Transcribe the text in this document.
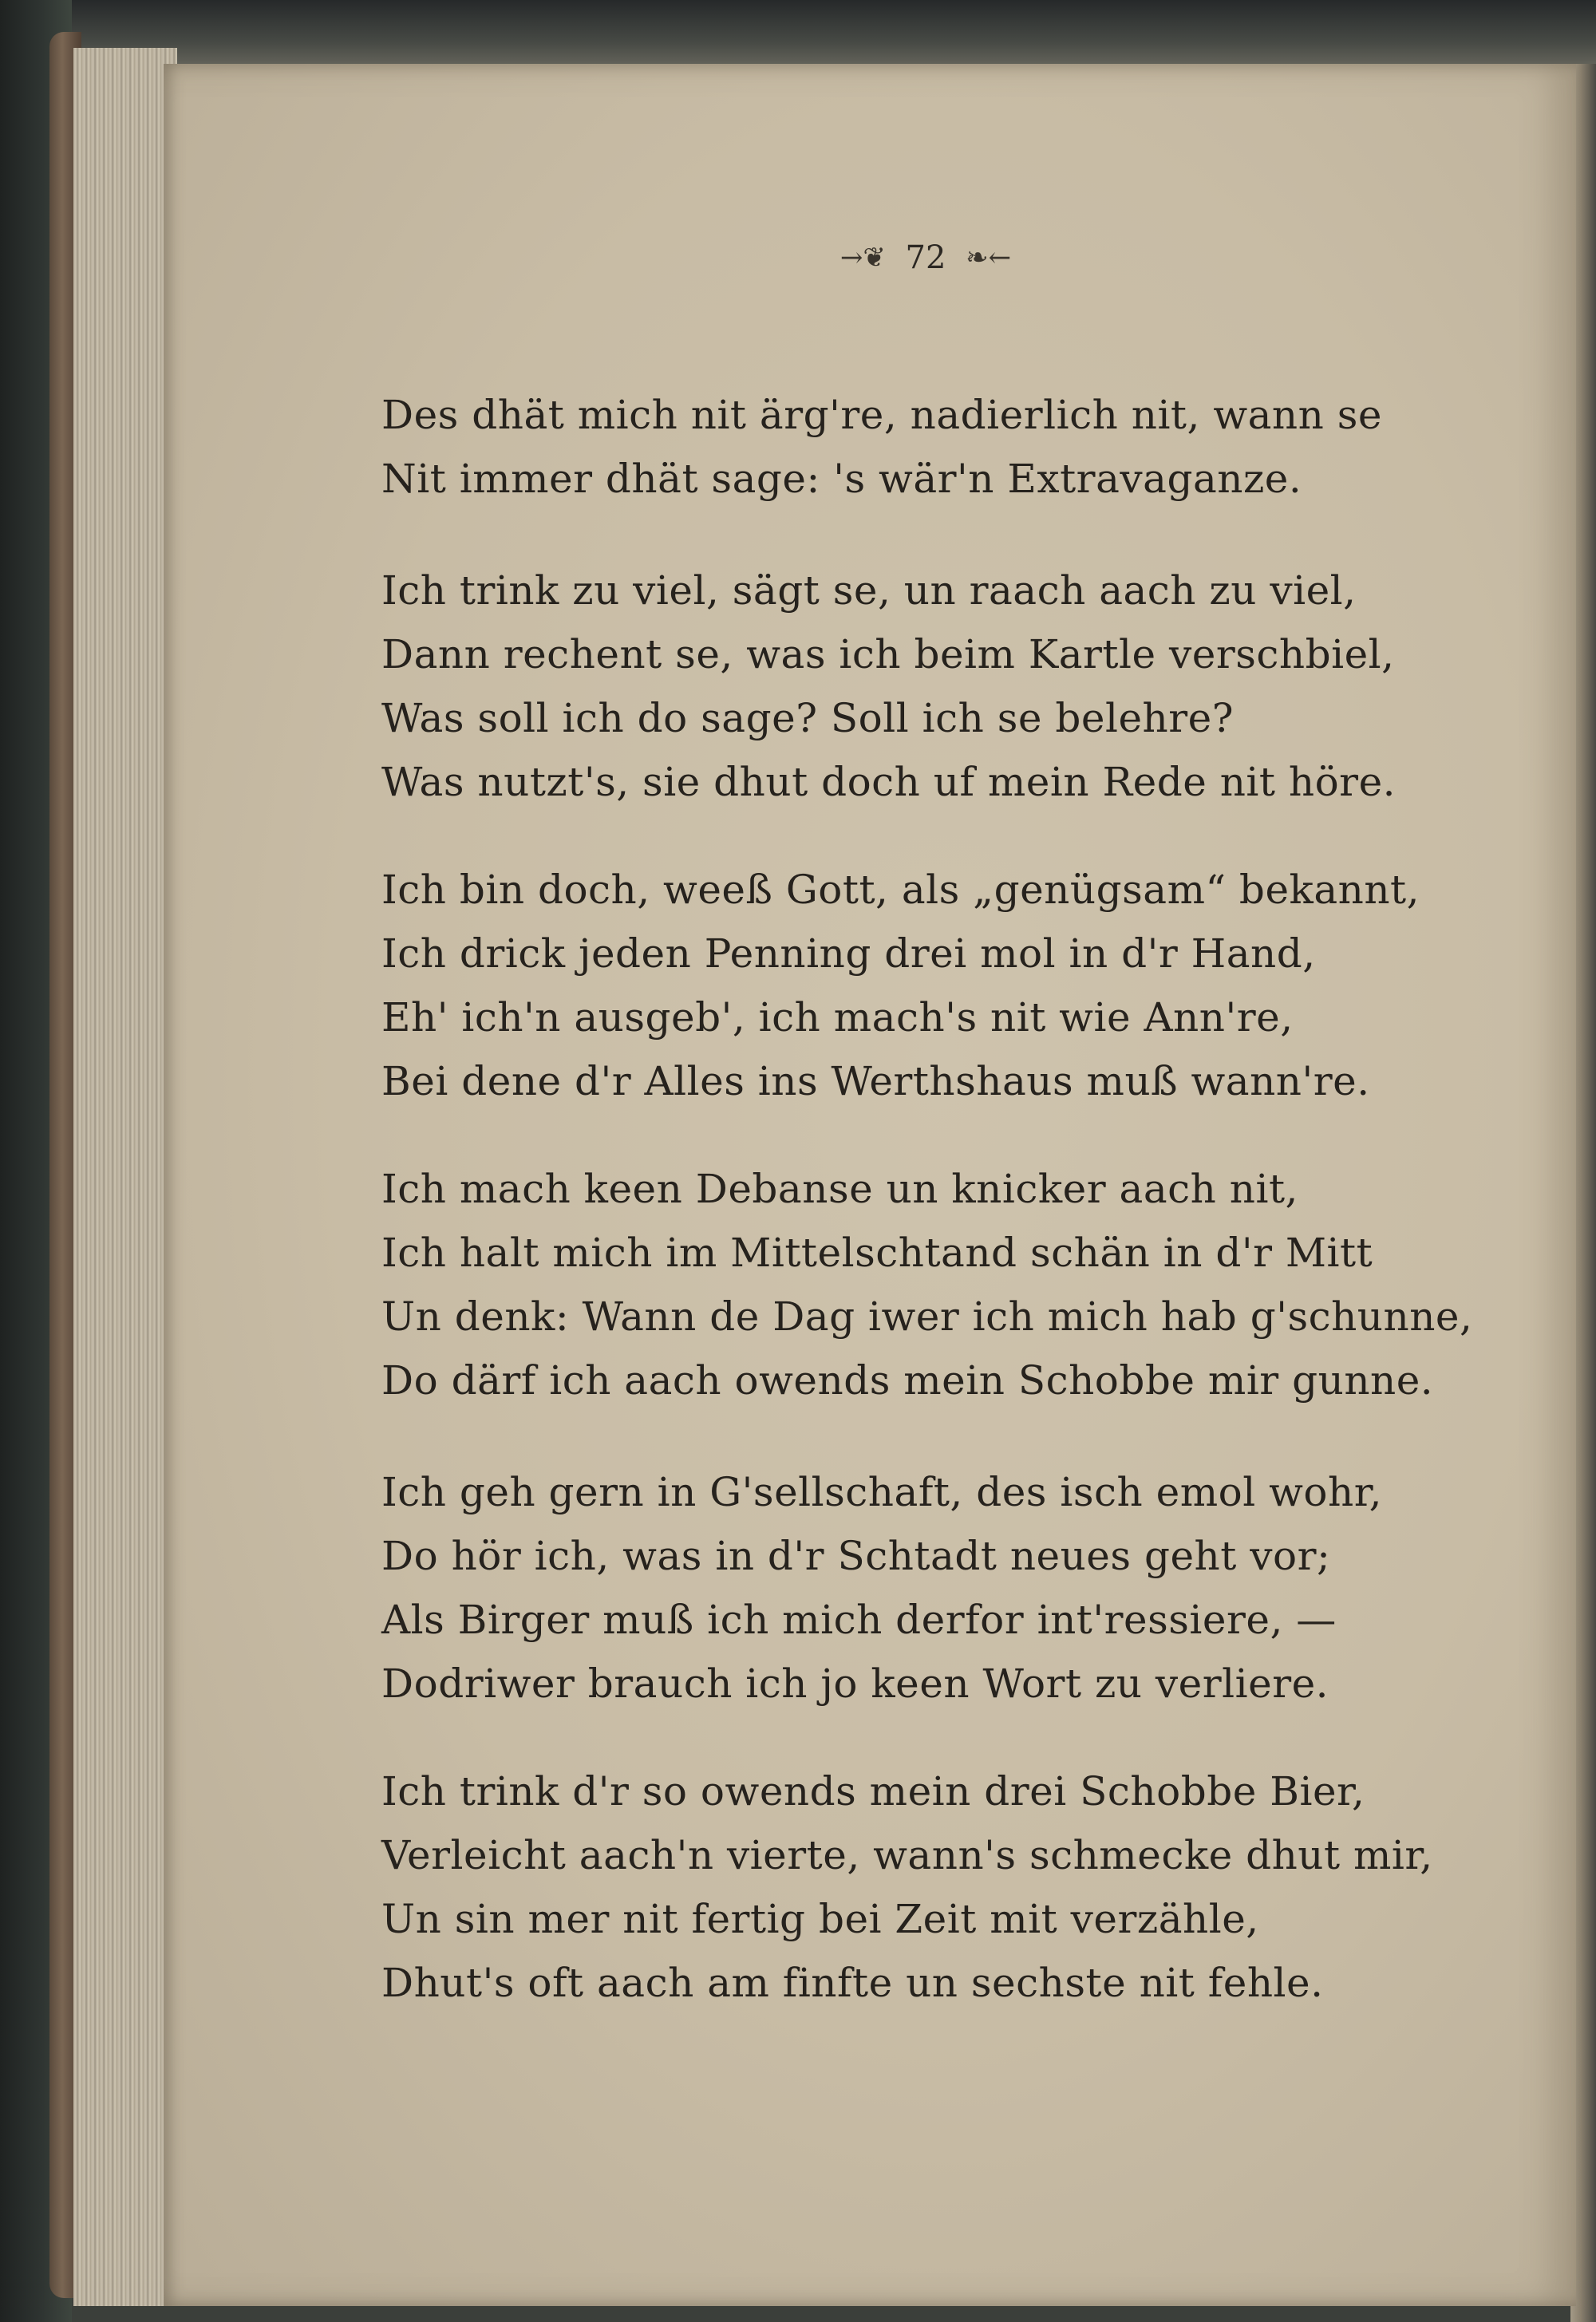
→❦ 72 ❧←
Des dhät mich nit ärg're, nadierlich nit, wann se
Nit immer dhät sage: 's wär'n Extravaganze.
Ich trink zu viel, sägt se, un raach aach zu viel,
Dann rechent se, was ich beim Kartle verschbiel,
Was soll ich do sage? Soll ich se belehre?
Was nutzt's, sie dhut doch uf mein Rede nit höre.
Ich bin doch, weeß Gott, als „genügsam“ bekannt,
Ich drick jeden Penning drei mol in d'r Hand,
Eh' ich'n ausgeb', ich mach's nit wie Ann're,
Bei dene d'r Alles ins Werthshaus muß wann're.
Ich mach keen Debanse un knicker aach nit,
Ich halt mich im Mittelschtand schän in d'r Mitt
Un denk: Wann de Dag iwer ich mich hab g'schunne,
Do därf ich aach owends mein Schobbe mir gunne.
Ich geh gern in G'sellschaft, des isch emol wohr,
Do hör ich, was in d'r Schtadt neues geht vor;
Als Birger muß ich mich derfor int'ressiere, —
Dodriwer brauch ich jo keen Wort zu verliere.
Ich trink d'r so owends mein drei Schobbe Bier,
Verleicht aach'n vierte, wann's schmecke dhut mir,
Un sin mer nit fertig bei Zeit mit verzähle,
Dhut's oft aach am finfte un sechste nit fehle.
